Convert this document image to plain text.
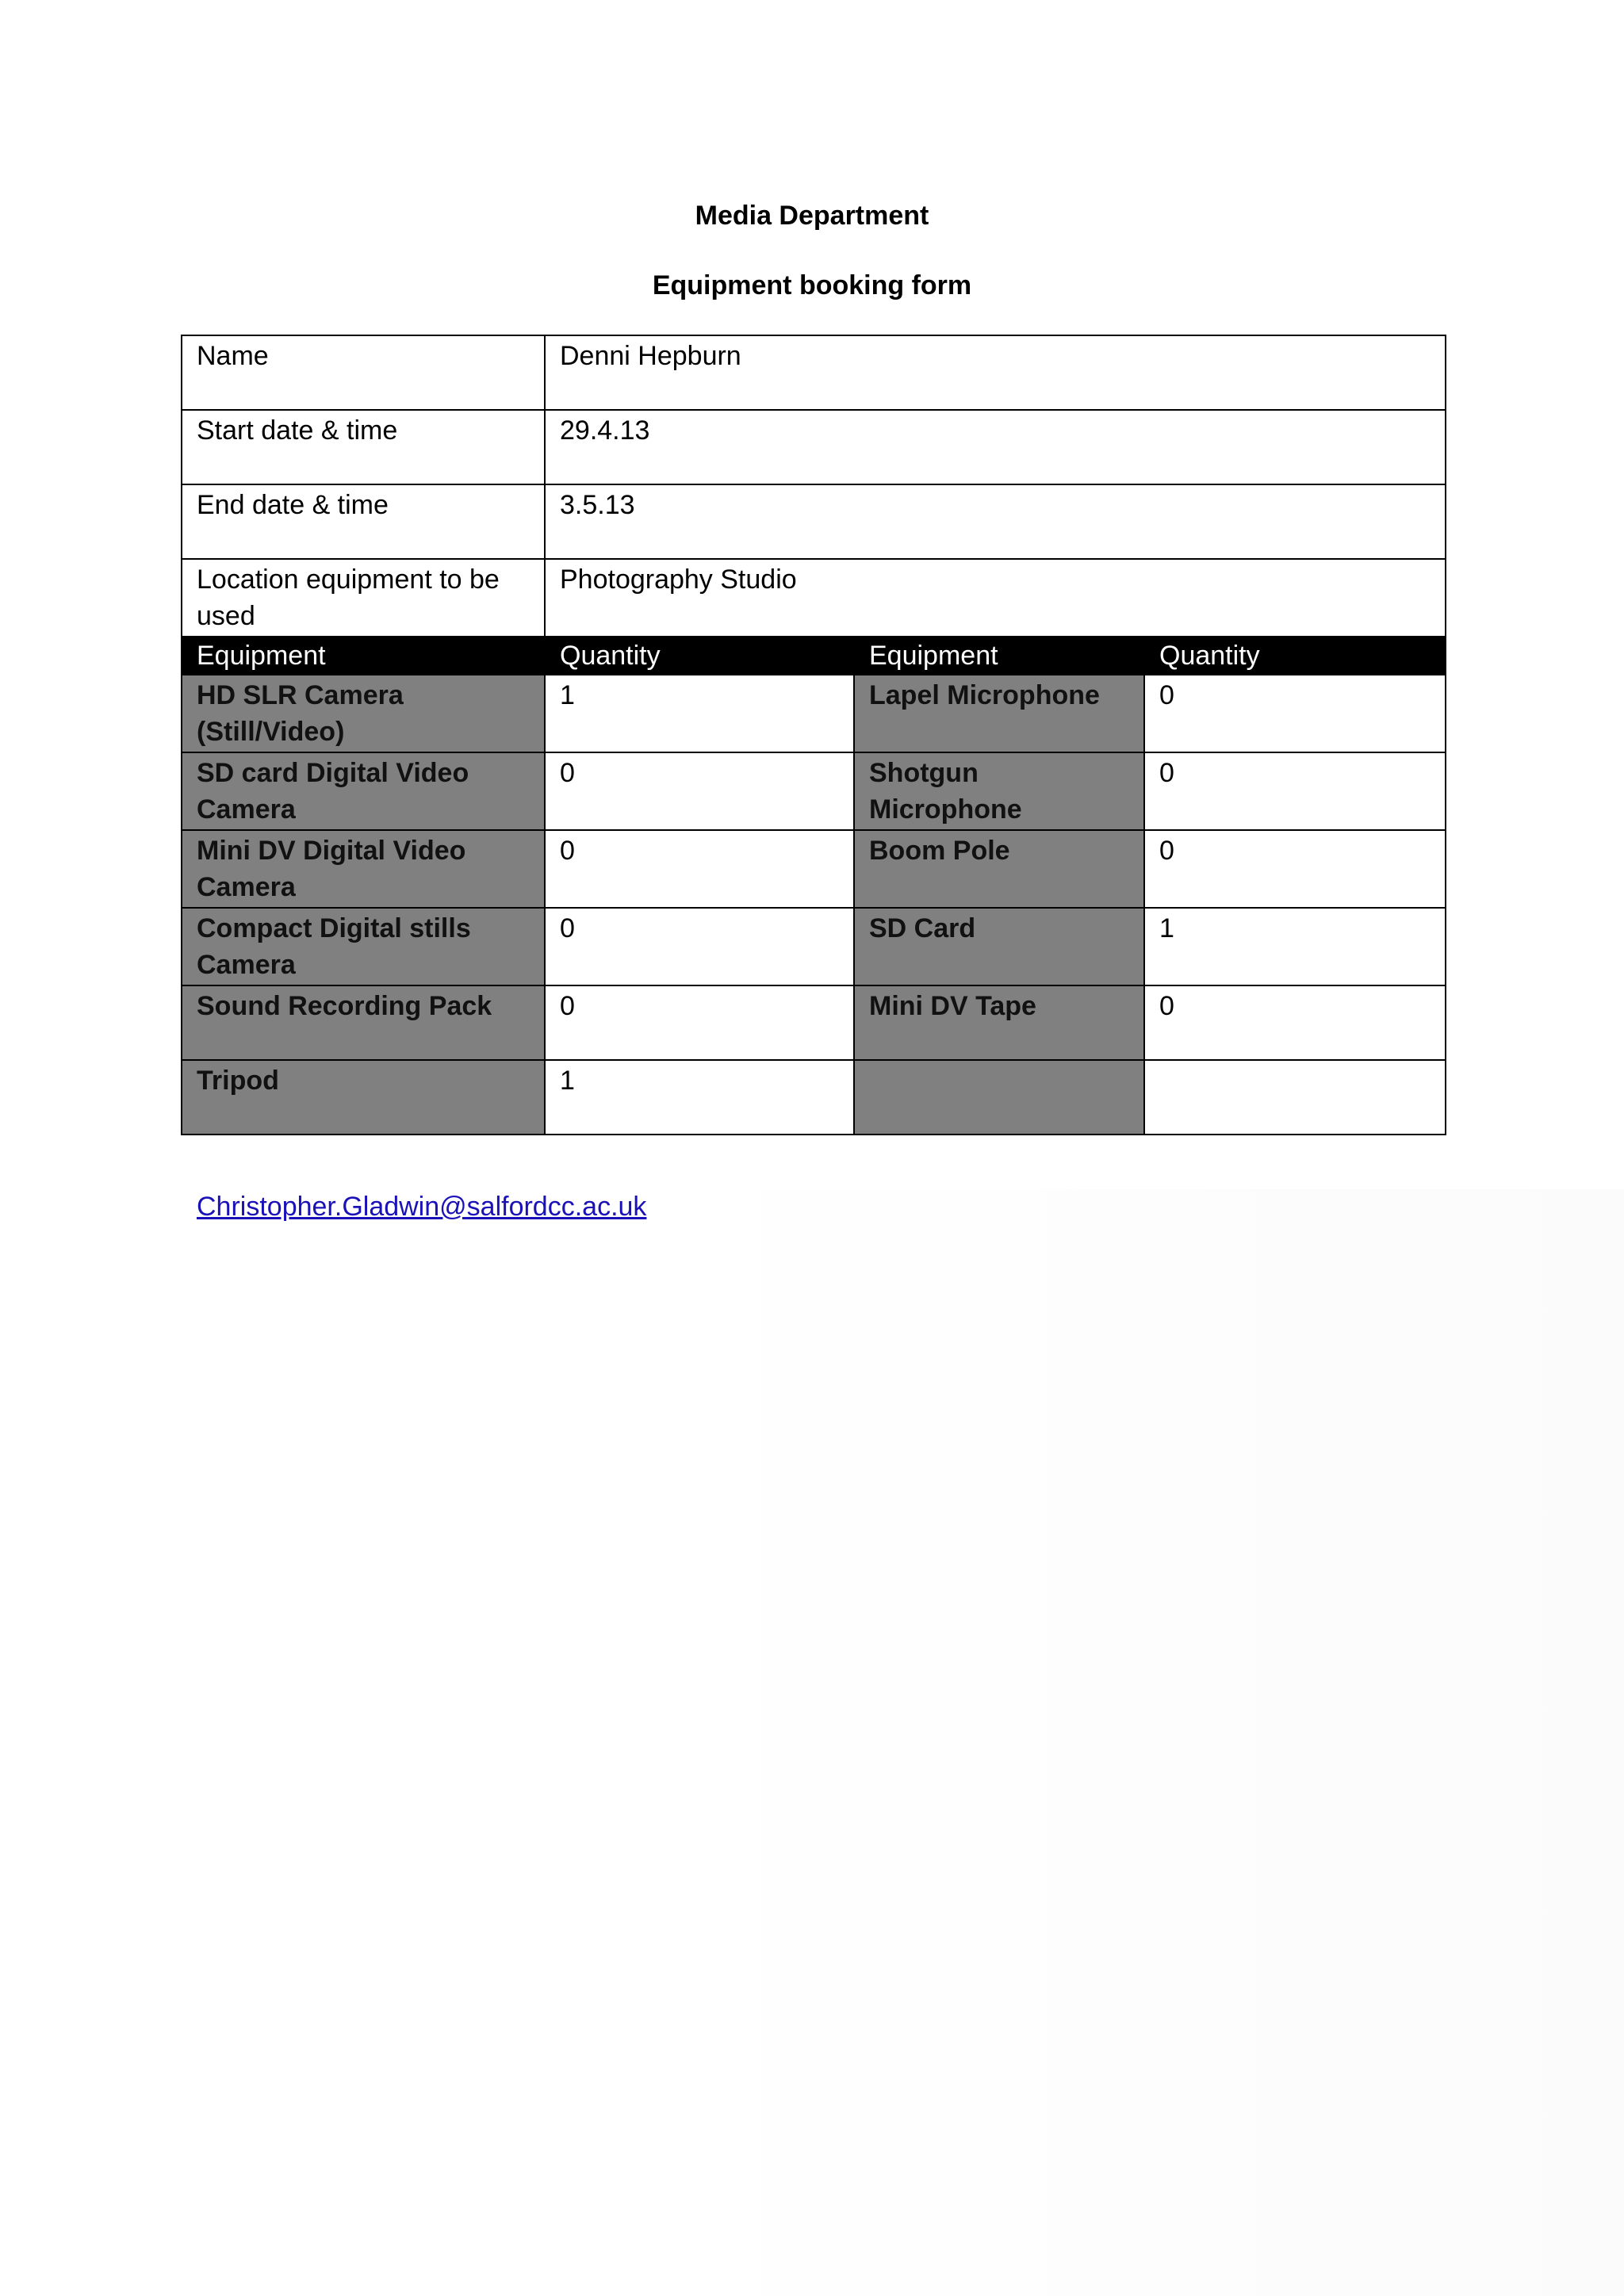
Media Department
Equipment booking form
Name	Denni Hepburn		
Start date & time	29.4.13		
End date & time	3.5.13		
Location equipment to be used	Photography Studio		
Equipment	Quantity	Equipment	Quantity
HD SLR Camera (Still/Video)	1	Lapel Microphone	0
SD card Digital Video Camera	0	Shotgun Microphone	0
Mini DV Digital Video Camera	0	Boom Pole	0
Compact Digital stills Camera	0	SD Card	1
Sound Recording Pack	0	Mini DV Tape	0
Tripod	1		
Christopher.Gladwin@salfordcc.ac.uk
